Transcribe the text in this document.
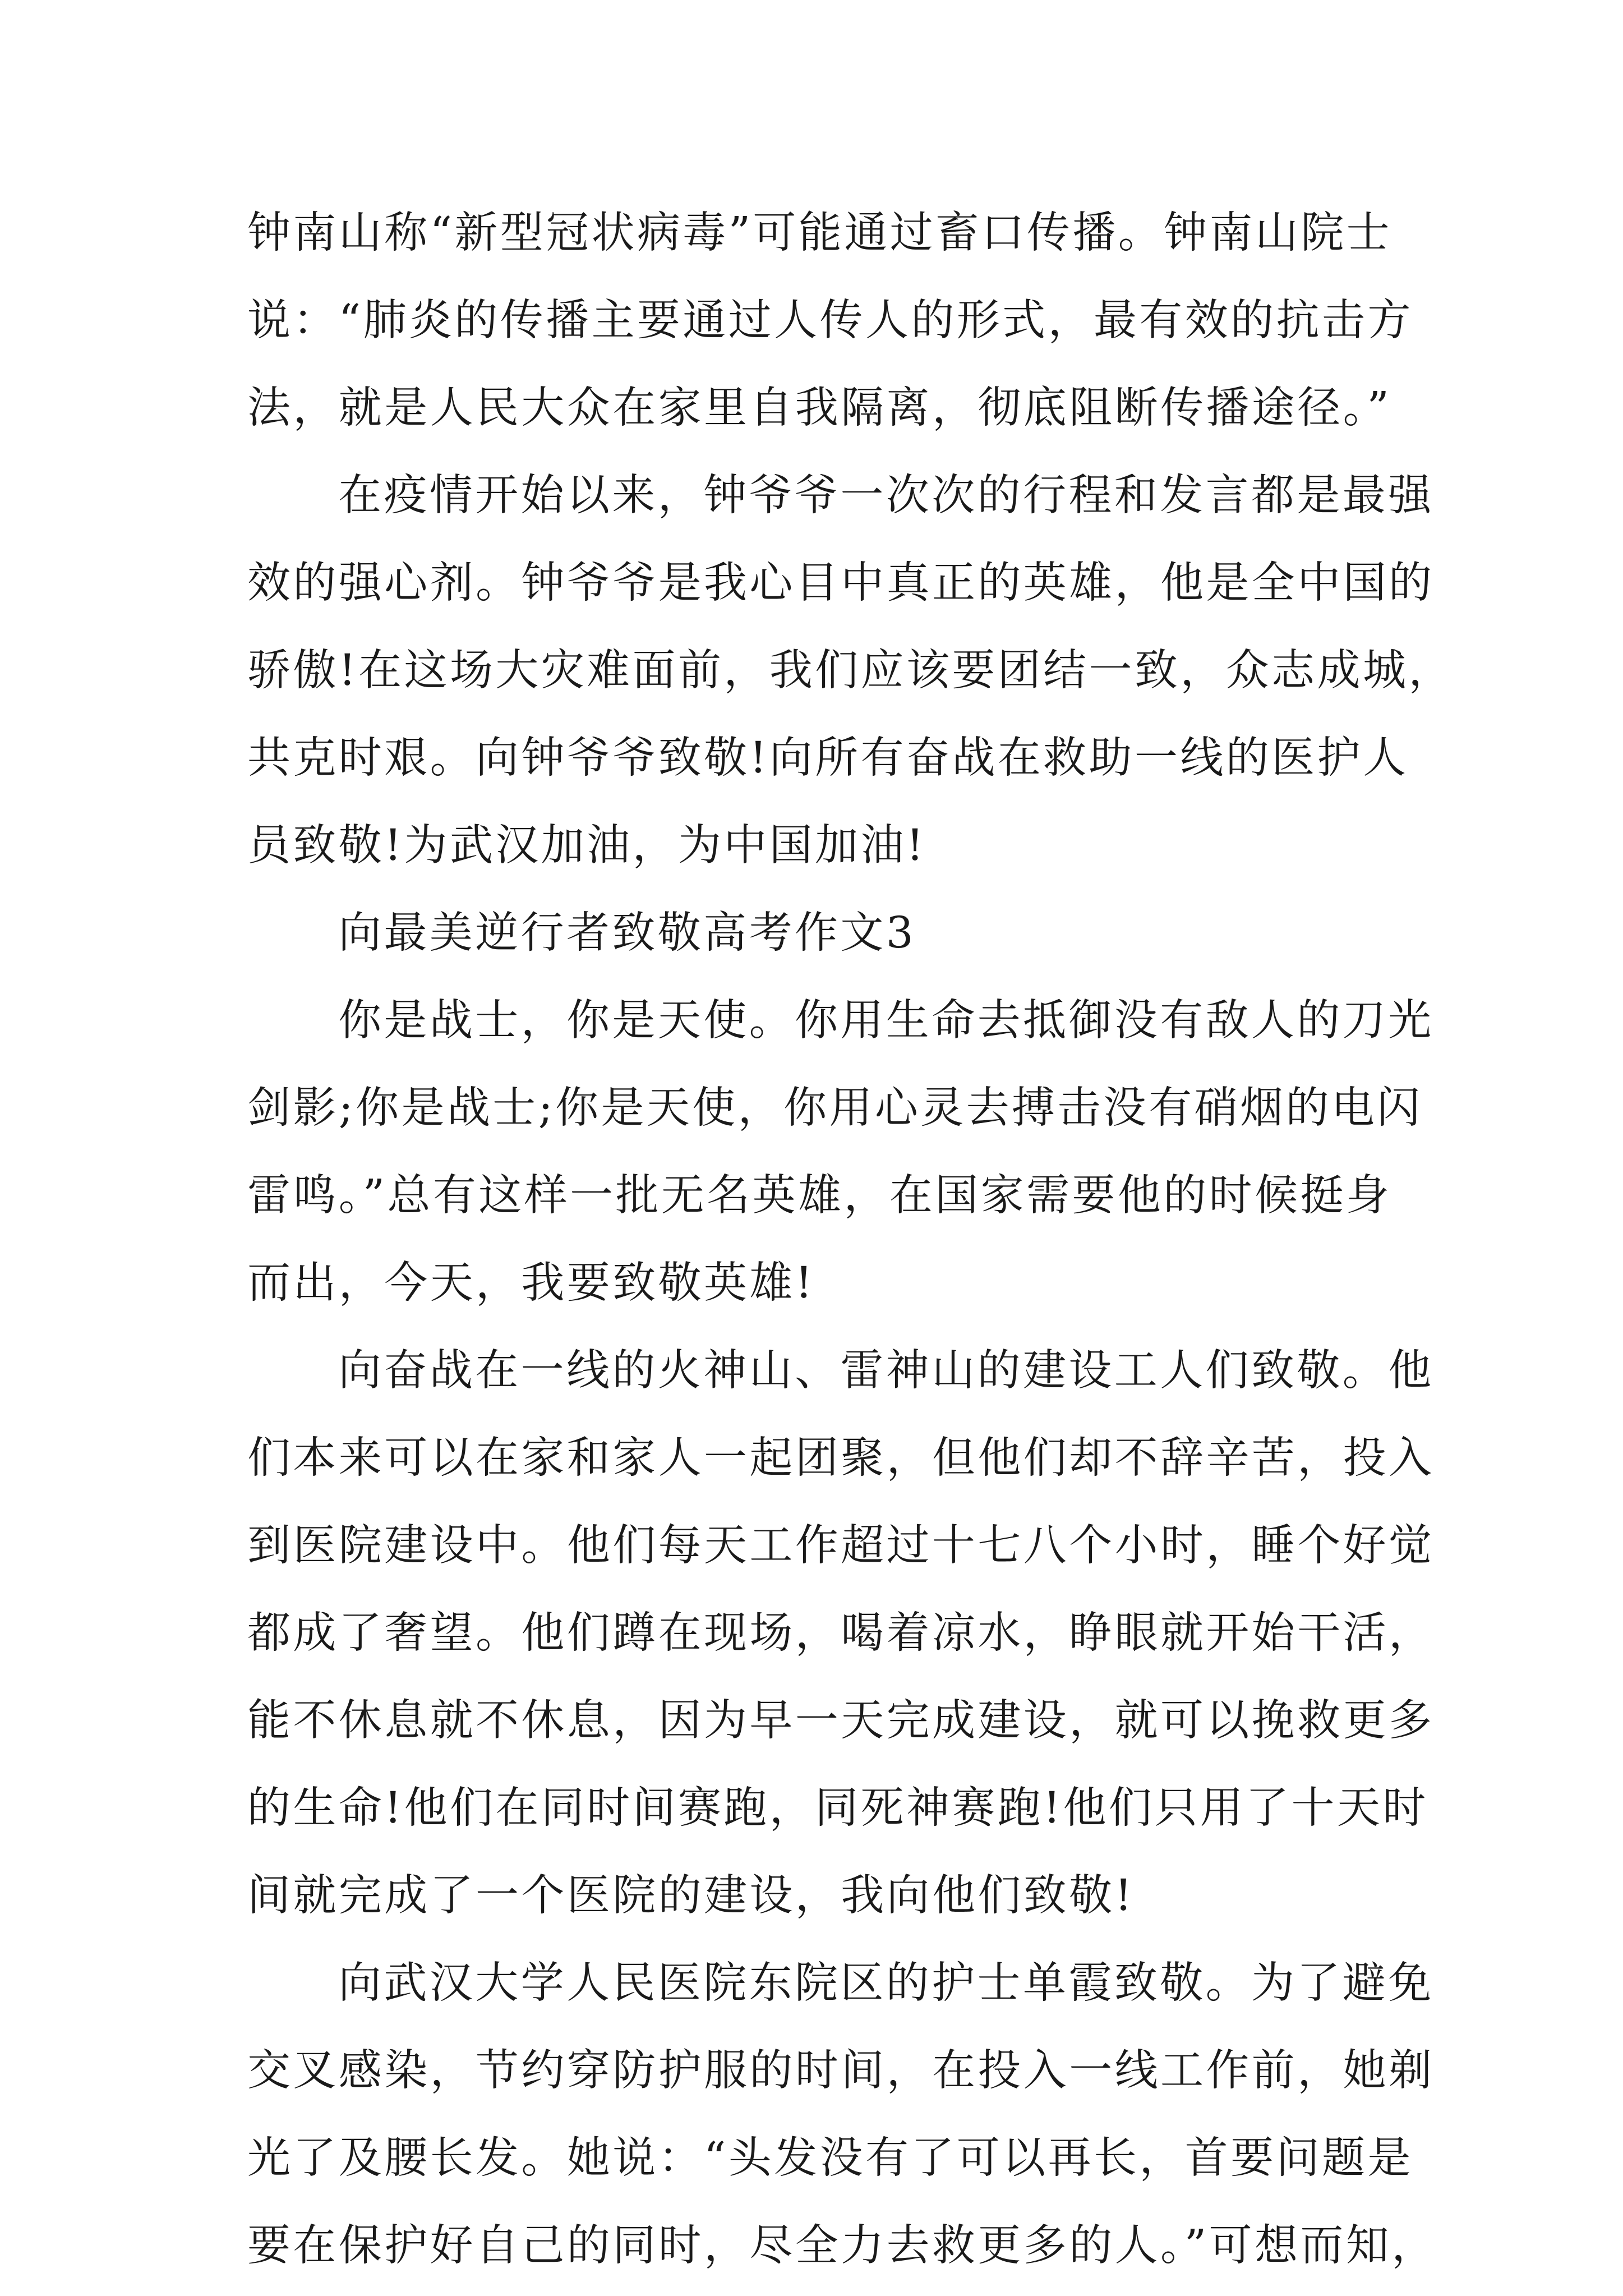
钟南山称“新型冠状病毒”可能通过畜口传播。钟南山院士
说：“肺炎的传播主要通过人传人的形式，最有效的抗击方
法，就是人民大众在家里自我隔离，彻底阻断传播途径。”
在疫情开始以来，钟爷爷一次次的行程和发言都是最强
效的强心剂。钟爷爷是我心目中真正的英雄，他是全中国的
骄傲!在这场大灾难面前，我们应该要团结一致，众志成城，
共克时艰。向钟爷爷致敬!向所有奋战在救助一线的医护人
员致敬!为武汉加油，为中国加油!
向最美逆行者致敬高考作文3
你是战士，你是天使。你用生命去抵御没有敌人的刀光
剑影;你是战士;你是天使，你用心灵去搏击没有硝烟的电闪
雷鸣。”总有这样一批无名英雄，在国家需要他的时候挺身
而出，今天，我要致敬英雄!
向奋战在一线的火神山、雷神山的建设工人们致敬。他
们本来可以在家和家人一起团聚，但他们却不辞辛苦，投入
到医院建设中。他们每天工作超过十七八个小时，睡个好觉
都成了奢望。他们蹲在现场，喝着凉水，睁眼就开始干活，
能不休息就不休息，因为早一天完成建设，就可以挽救更多
的生命!他们在同时间赛跑，同死神赛跑!他们只用了十天时
间就完成了一个医院的建设，我向他们致敬!
向武汉大学人民医院东院区的护士单霞致敬。为了避免
交叉感染，节约穿防护服的时间，在投入一线工作前，她剃
光了及腰长发。她说：“头发没有了可以再长，首要问题是
要在保护好自己的同时，尽全力去救更多的人。”可想而知，
